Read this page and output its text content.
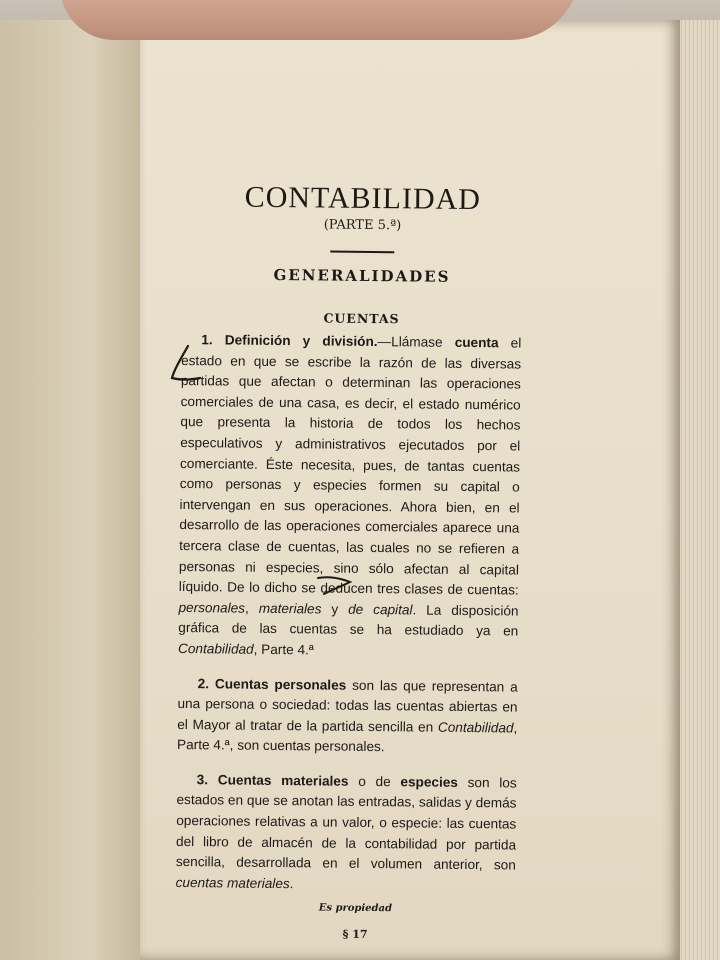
CONTABILIDAD
(PARTE 5.ª)
GENERALIDADES
CUENTAS

1. Definición y división.—Llámase cuenta el estado en que se escribe la razón de las diversas partidas que afectan o determinan las operaciones comerciales de una casa, es decir, el estado numérico que presenta la historia de todos los hechos especulativos y administrativos ejecutados por el comerciante. Éste necesita, pues, de tantas cuentas como personas y especies formen su capital o intervengan en sus operaciones. Ahora bien, en el desarrollo de las operaciones comerciales aparece una tercera clase de cuentas, las cuales no se refieren a personas ni especies, sino sólo afectan al capital líquido. De lo dicho se deducen tres clases de cuentas: personales, materiales y de capital. La disposición gráfica de las cuentas se ha estudiado ya en Contabilidad, Parte 4.ª

2. Cuentas personales son las que representan a una persona o sociedad: todas las cuentas abiertas en el Mayor al tratar de la partida sencilla en Contabilidad, Parte 4.ª, son cuentas personales.

3. Cuentas materiales o de especies son los estados en que se anotan las entradas, salidas y demás operaciones relativas a un valor, o especie: las cuentas del libro de almacén de la contabilidad por partida sencilla, desarrollada en el volumen anterior, son cuentas materiales.

Es propiedad
§ 17
